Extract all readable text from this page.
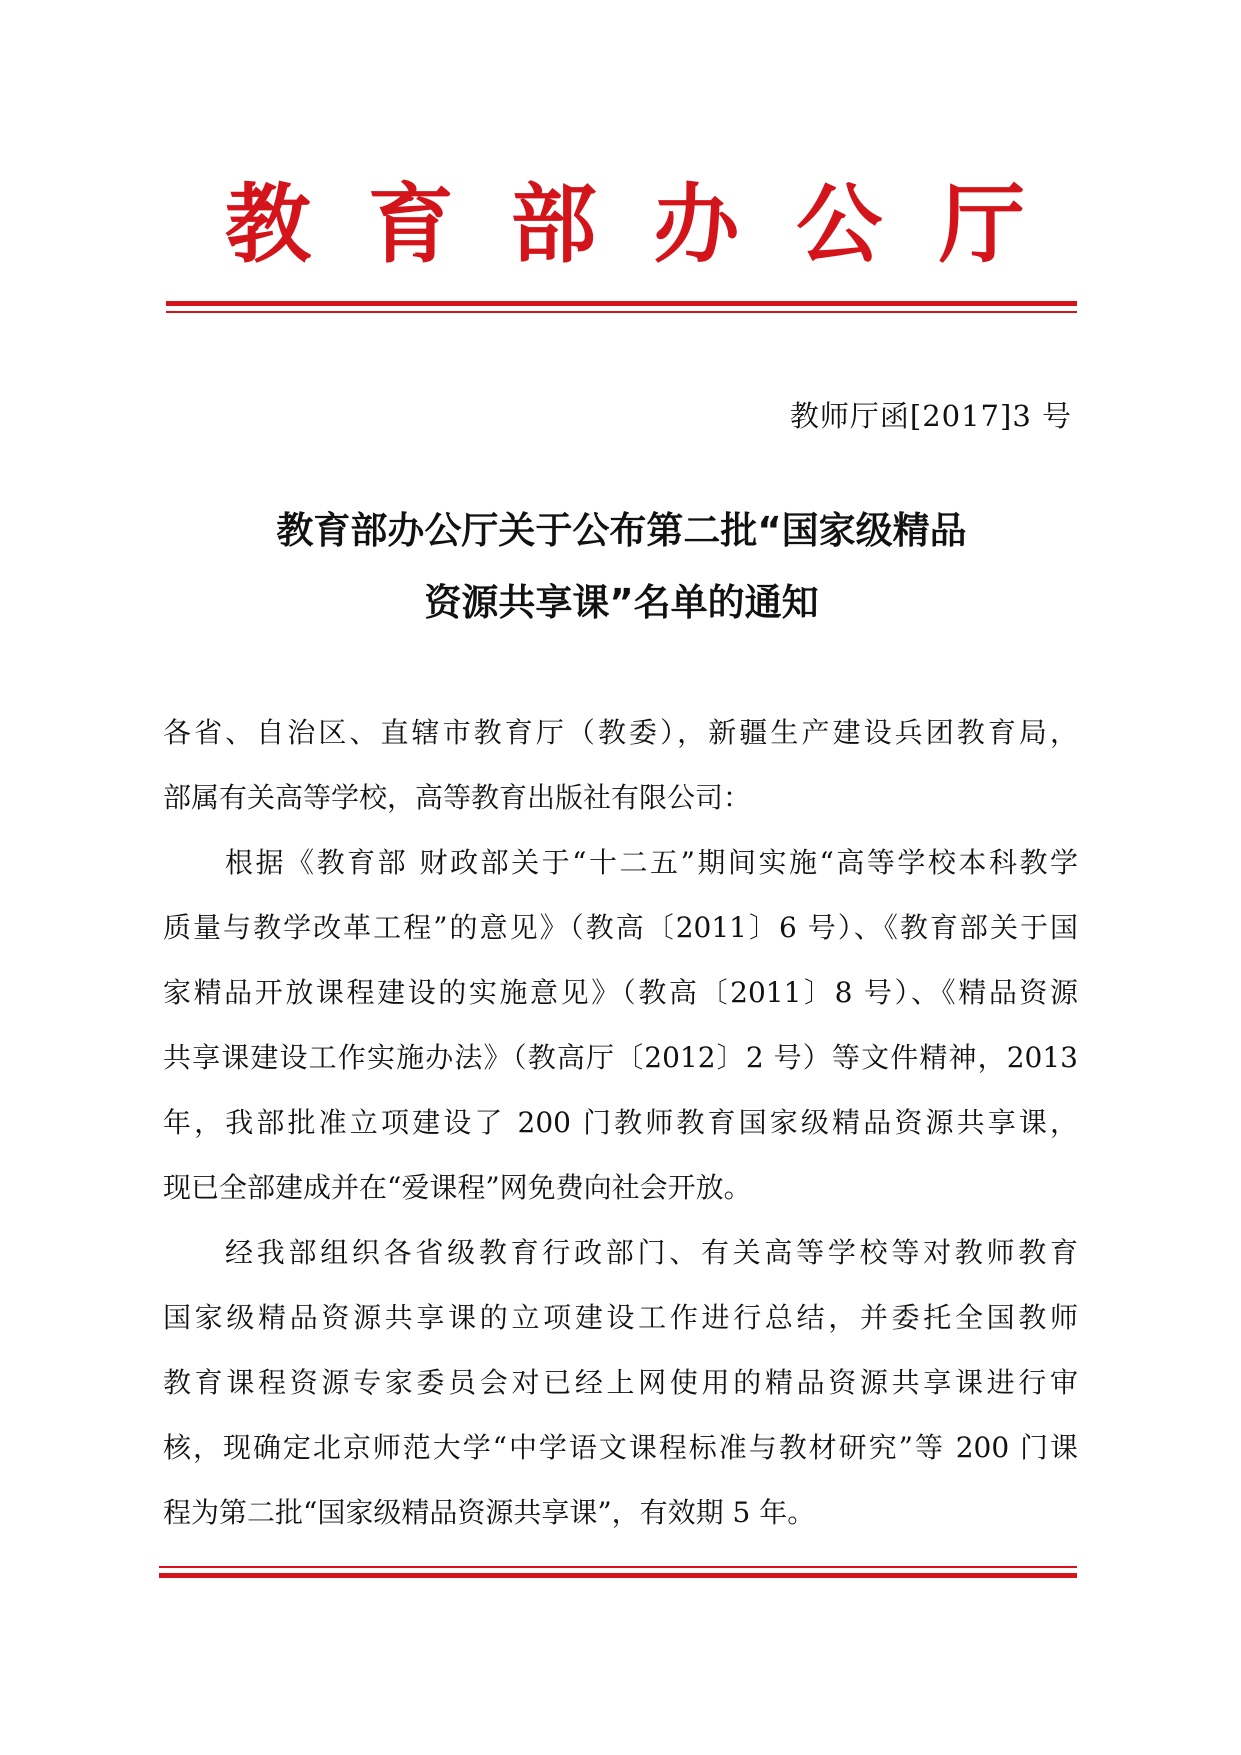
教 育 部 办 公 厅
教师厅函[2017]3 号
教育部办公厅关于公布第二批“国家级精品
资源共享课”名单的通知
各省、自治区、直辖市教育厅（教委），新疆生产建设兵团教育局，
部属有关高等学校，高等教育出版社有限公司：
根据《教育部 财政部关于“十二五”期间实施“高等学校本科教学
质量与教学改革工程”的意见》（教高〔2011〕6 号）、《教育部关于国
家精品开放课程建设的实施意见》（教高〔2011〕8 号）、《精品资源
共享课建设工作实施办法》（教高厅〔2012〕2 号）等文件精神，2013
年，我部批准立项建设了 200 门教师教育国家级精品资源共享课，
现已全部建成并在“爱课程”网免费向社会开放。
经我部组织各省级教育行政部门、有关高等学校等对教师教育
国家级精品资源共享课的立项建设工作进行总结，并委托全国教师
教育课程资源专家委员会对已经上网使用的精品资源共享课进行审
核，现确定北京师范大学“中学语文课程标准与教材研究”等 200 门课
程为第二批“国家级精品资源共享课”，有效期 5 年。
